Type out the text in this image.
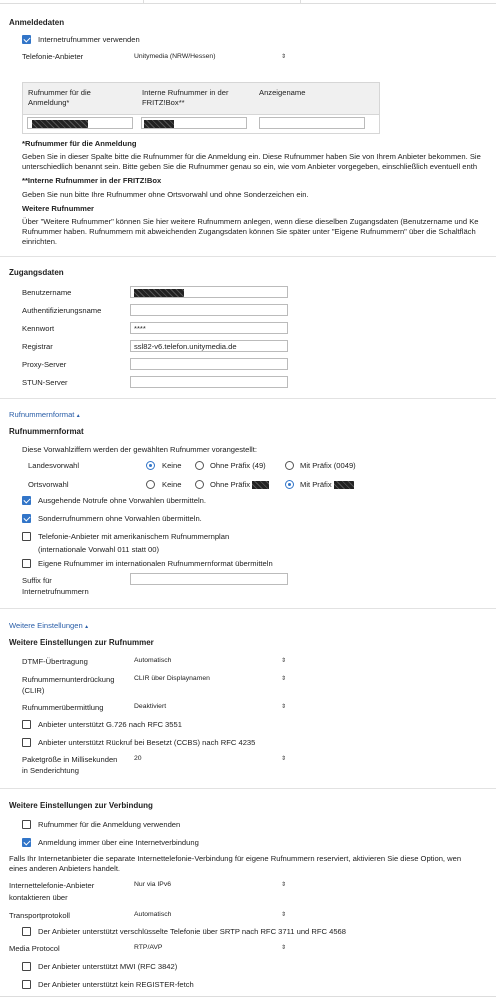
Anmeldedaten
Internetrufnummer verwenden
Telefonie-Anbieter	Unitymedia (NRW/Hessen)	⇕
Rufnummer für die Anmeldung*
Interne Rufnummer in der FRITZ!Box**
Anzeigename
*Rufnummer für die Anmeldung
Geben Sie in dieser Spalte bitte die Rufnummer für die Anmeldung ein. Diese Rufnummer haben Sie von Ihrem Anbieter bekommen. Sie
unterschiedlich benannt sein. Bitte geben Sie die Rufnummer genau so ein, wie vom Anbieter vorgegeben, einschließlich eventuell enth
**Interne Rufnummer in der FRITZ!Box
Geben Sie nun bitte Ihre Rufnummer ohne Ortsvorwahl und ohne Sonderzeichen ein.
Weitere Rufnummer
Über "Weitere Rufnummer" können Sie hier weitere Rufnummern anlegen, wenn diese dieselben Zugangsdaten (Benutzername und Ke
Rufnummer haben. Rufnummern mit abweichenden Zugangsdaten können Sie später unter "Eigene Rufnummern" über die Schaltfläch
einrichten.
Zugangsdaten
Benutzername
Authentifizierungsname
Kennwort	****
Registrar	ssl82-v6.telefon.unitymedia.de
Proxy-Server
STUN-Server
Rufnummernformat ▲
Rufnummernformat
Diese Vorwahlziffern werden der gewählten Rufnummer vorangestellt:
Landesvorwahl	Keine	Ohne Präfix (49)	Mit Präfix (0049)
Ortsvorwahl	Keine	Ohne Präfix	Mit Präfix
Ausgehende Notrufe ohne Vorwahlen übermitteln.
Sonderrufnummern ohne Vorwahlen übermitteln.
Telefonie-Anbieter mit amerikanischem Rufnummernplan
(internationale Vorwahl 011 statt 00)
Eigene Rufnummer im internationalen Rufnummernformat übermitteln
Suffix für
Internetrufnummern
Weitere Einstellungen ▲
Weitere Einstellungen zur Rufnummer
DTMF-Übertragung	Automatisch	⇕
Rufnummernunterdrückung
(CLIR)
CLIR über Displaynamen	⇕
Rufnummerübermittlung	Deaktiviert	⇕
Anbieter unterstützt G.726 nach RFC 3551
Anbieter unterstützt Rückruf bei Besetzt (CCBS) nach RFC 4235
Paketgröße in Millisekunden
in Senderichtung
20	⇕
Weitere Einstellungen zur Verbindung
Rufnummer für die Anmeldung verwenden
Anmeldung immer über eine Internetverbindung
Falls Ihr Internetanbieter die separate Internettelefonie-Verbindung für eigene Rufnummern reserviert, aktivieren Sie diese Option, wen
eines anderen Anbieters handelt.
Internettelefonie-Anbieter
kontaktieren über
Nur via IPv6	⇕
Transportprotokoll	Automatisch	⇕
Der Anbieter unterstützt verschlüsselte Telefonie über SRTP nach RFC 3711 und RFC 4568
Media Protocol	RTP/AVP	⇕
Der Anbieter unterstützt MWI (RFC 3842)
Der Anbieter unterstützt kein REGISTER-fetch
